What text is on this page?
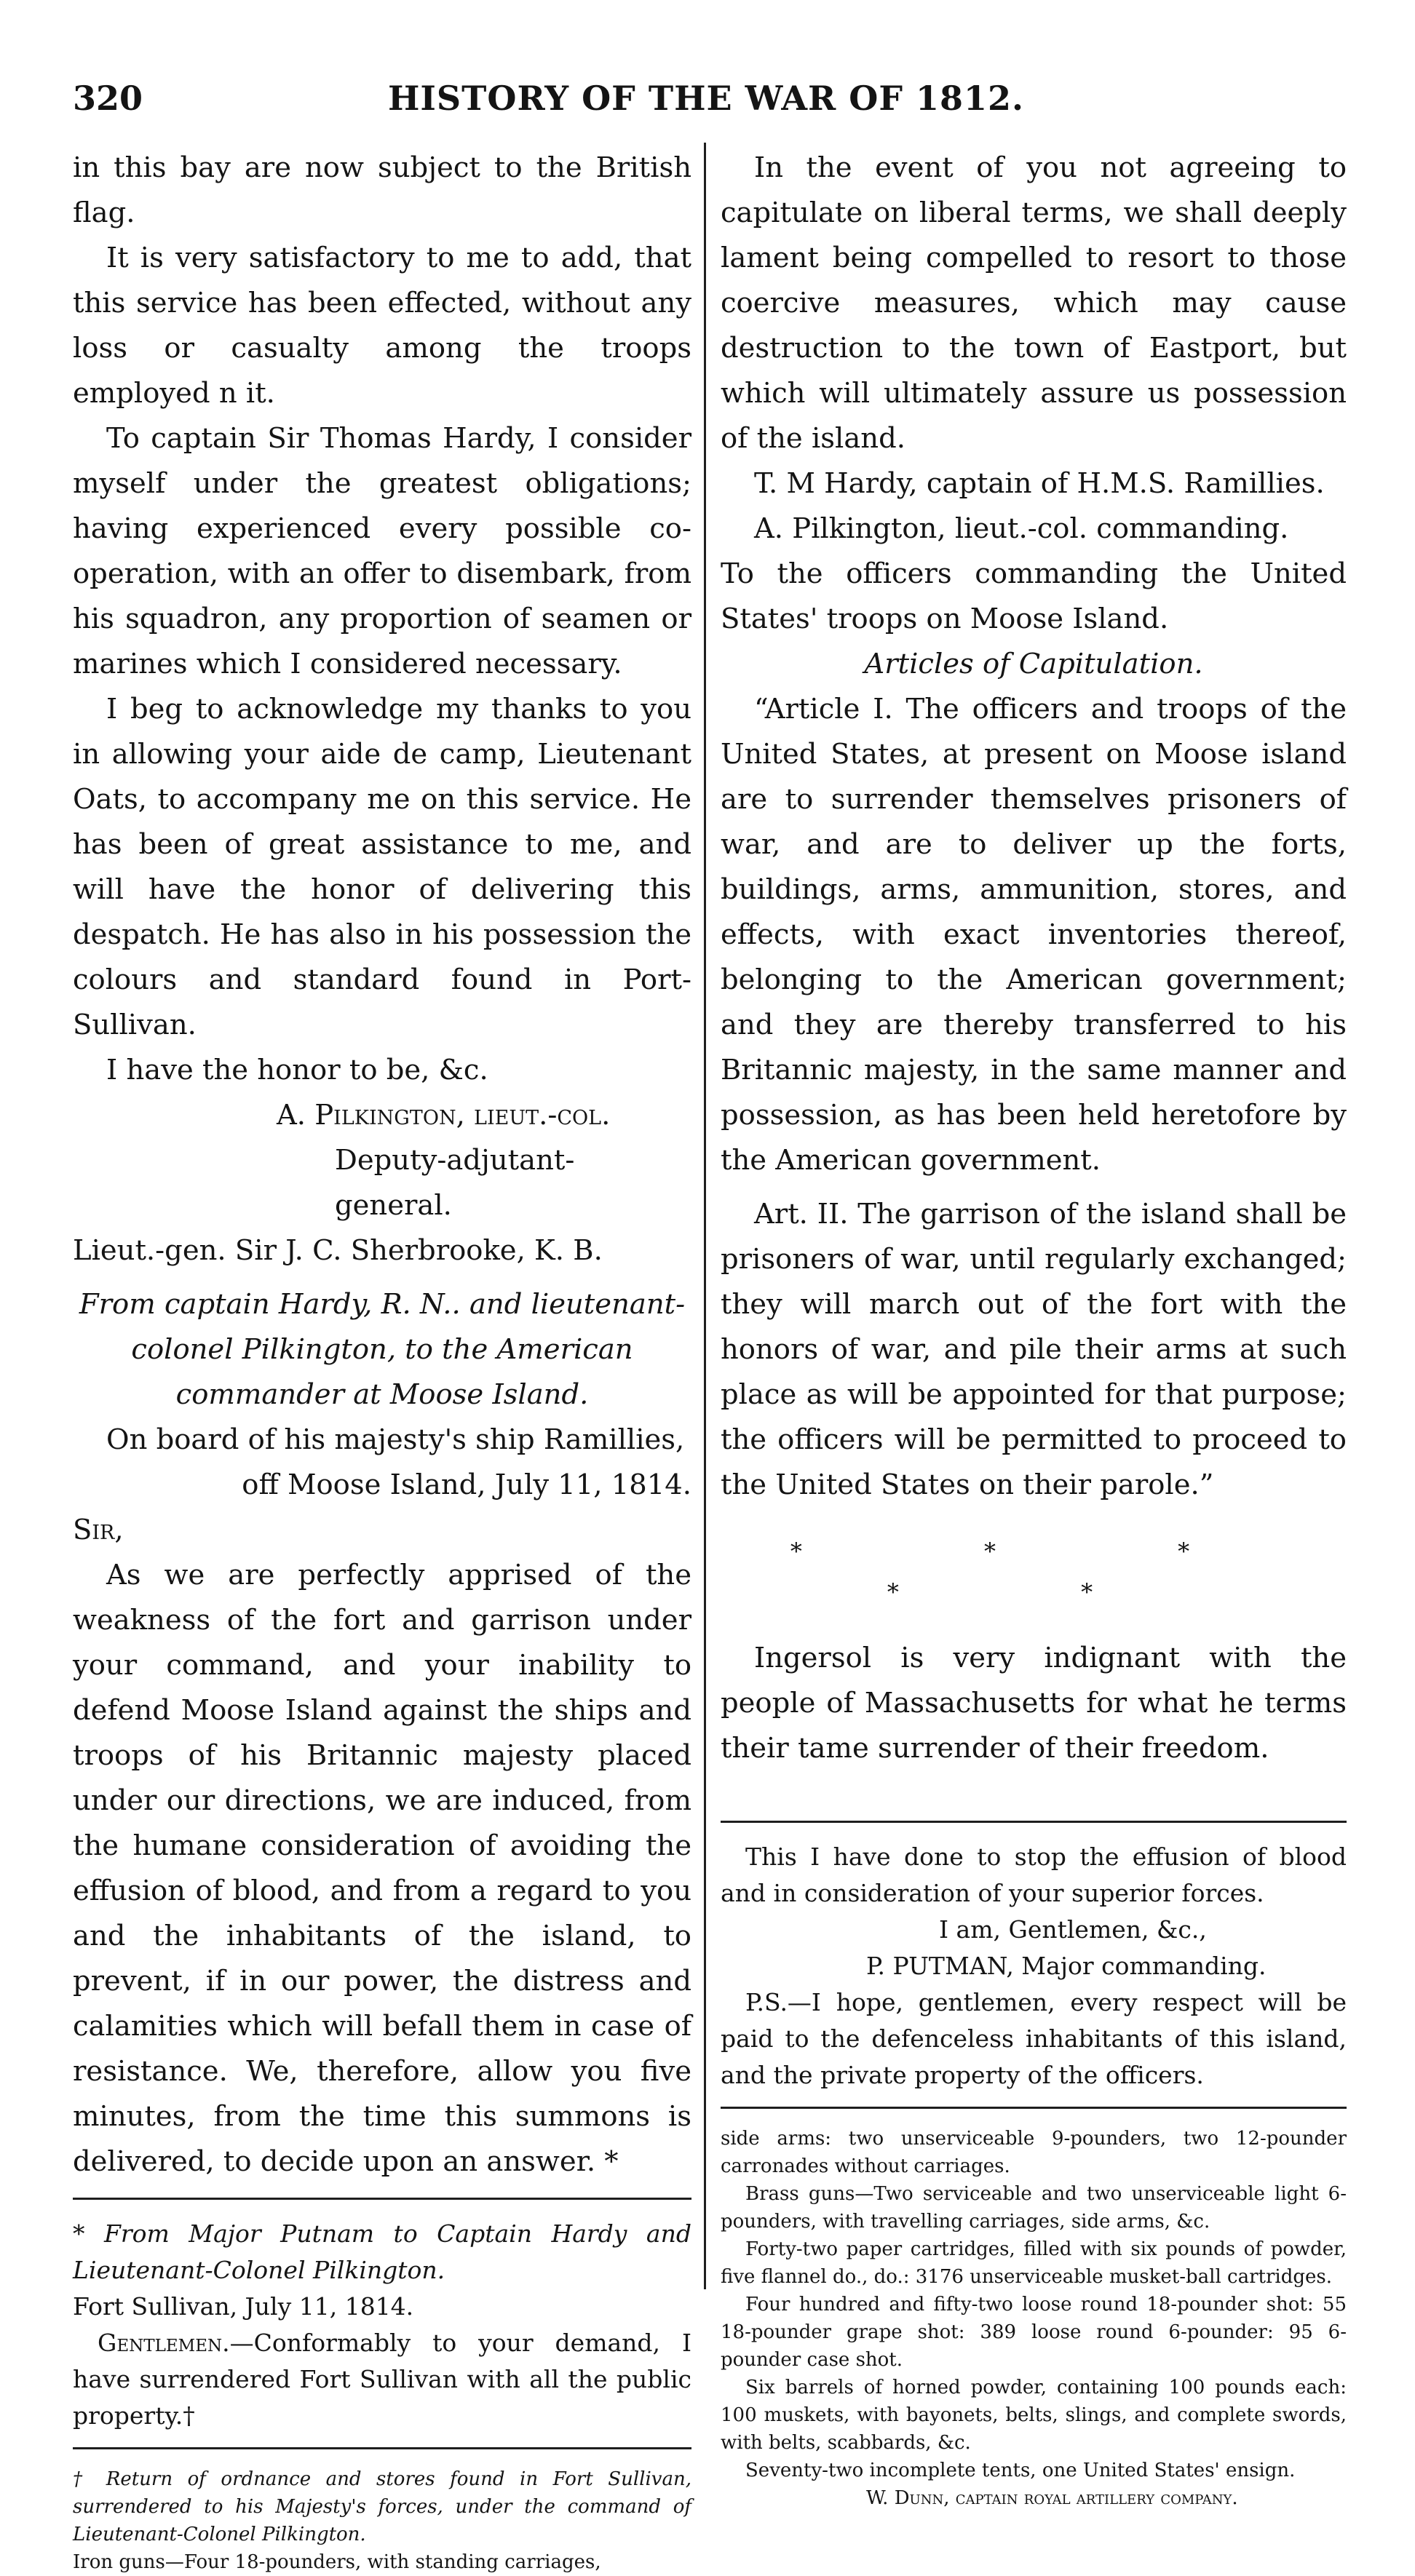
320	HISTORY OF THE WAR OF 1812.

in this bay are now subject to the British flag.

It is very satisfactory to me to add, that this service has been effected, without any loss or casualty among the troops employed n it.

To captain Sir Thomas Hardy, I consider myself under the greatest obligations; having experienced every possible co-operation, with an offer to disembark, from his squadron, any proportion of seamen or marines which I considered necessary.

I beg to acknowledge my thanks to you in allowing your aide de camp, Lieutenant Oats, to accompany me on this service. He has been of great assistance to me, and will have the honor of delivering this despatch. He has also in his possession the colours and standard found in Port-Sullivan.

I have the honor to be, &c.

A. Pilkington, lieut.-col.

Deputy-adjutant-general.

Lieut.-gen. Sir J. C. Sherbrooke, K. B.

From captain Hardy, R. N.. and lieutenant-colonel Pilkington, to the American commander at Moose Island.

On board of his majesty's ship Ramillies,

off Moose Island, July 11, 1814.

Sir,

As we are perfectly apprised of the weakness of the fort and garrison under your command, and your inability to defend Moose Island against the ships and troops of his Britannic majesty placed under our directions, we are induced, from the humane consideration of avoiding the effusion of blood, and from a regard to you and the inhabitants of the island, to prevent, if in our power, the distress and calamities which will befall them in case of resistance. We, therefore, allow you five minutes, from the time this summons is delivered, to decide upon an answer. *

* From Major Putnam to Captain Hardy and Lieutenant-Colonel Pilkington.

Fort Sullivan, July 11, 1814.

Gentlemen.—Conformably to your demand, I have surrendered Fort Sullivan with all the public property.†

† Return of ordnance and stores found in Fort Sullivan, surrendered to his Majesty's forces, under the command of Lieutenant-Colonel Pilkington.

Iron guns—Four 18-pounders, with standing carriages,

In the event of you not agreeing to capitulate on liberal terms, we shall deeply lament being compelled to resort to those coercive measures, which may cause destruction to the town of Eastport, but which will ultimately assure us possession of the island.

T. M Hardy, captain of H.M.S. Ramillies.

A. Pilkington, lieut.-col. commanding.

To the officers commanding the United States' troops on Moose Island.

Articles of Capitulation.

“Article I. The officers and troops of the United States, at present on Moose island are to surrender themselves prisoners of war, and are to deliver up the forts, buildings, arms, ammunition, stores, and effects, with exact inventories thereof, belonging to the American government; and they are thereby transferred to his Britannic majesty, in the same manner and possession, as has been held heretofore by the American government.

Art. II. The garrison of the island shall be prisoners of war, until regularly exchanged; they will march out of the fort with the honors of war, and pile their arms at such place as will be appointed for that purpose; the officers will be permitted to proceed to the United States on their parole.”

* * * * *

Ingersol is very indignant with the people of Massachusetts for what he terms their tame surrender of their freedom.

This I have done to stop the effusion of blood and in consideration of your superior forces.

I am, Gentlemen, &c.,

P. PUTMAN, Major commanding.

P.S.—I hope, gentlemen, every respect will be paid to the defenceless inhabitants of this island, and the private property of the officers.

side arms: two unserviceable 9-pounders, two 12-pounder carronades without carriages.

Brass guns—Two serviceable and two unserviceable light 6-pounders, with travelling carriages, side arms, &c.

Forty-two paper cartridges, filled with six pounds of powder, five flannel do., do.: 3176 unserviceable musket-ball cartridges.

Four hundred and fifty-two loose round 18-pounder shot: 55 18-pounder grape shot: 389 loose round 6-pounder: 95 6-pounder case shot.

Six barrels of horned powder, containing 100 pounds each: 100 muskets, with bayonets, belts, slings, and complete swords, with belts, scabbards, &c.

Seventy-two incomplete tents, one United States' ensign.

W. Dunn, captain royal artillery company.
